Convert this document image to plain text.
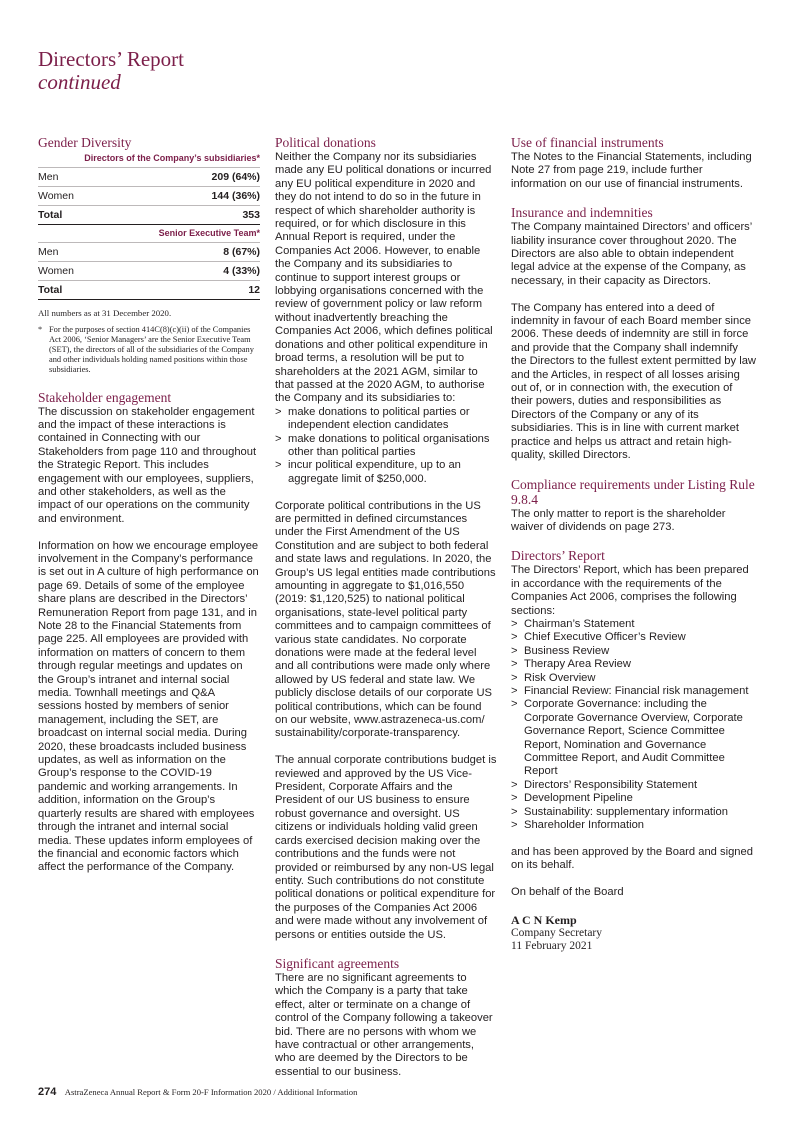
Directors’ Report
continued
Gender Diversity
	Directors of the Company’s subsidiaries*
Men	209 (64%)
Women	144 (36%)
Total	353
	Senior Executive Team*
Men	8 (67%)
Women	4 (33%)
Total	12
All numbers as at 31 December 2020.
* For the purposes of section 414C(8)(c)(ii) of the Companies Act 2006, ‘Senior Managers’ are the Senior Executive Team (SET), the directors of all of the subsidiaries of the Company and other individuals holding named positions within those subsidiaries.
Stakeholder engagement

The discussion on stakeholder engagement and the impact of these interactions is contained in Connecting with our Stakeholders from page 110 and throughout the Strategic Report. This includes engagement with our employees, suppliers, and other stakeholders, as well as the impact of our operations on the community and environment.

Information on how we encourage employee involvement in the Company’s performance is set out in A culture of high performance on page 69. Details of some of the employee share plans are described in the Directors’ Remuneration Report from page 131, and in Note 28 to the Financial Statements from page 225. All employees are provided with information on matters of concern to them through regular meetings and updates on the Group’s intranet and internal social media. Townhall meetings and Q&A sessions hosted by members of senior management, including the SET, are broadcast on internal social media. During 2020, these broadcasts included business updates, as well as information on the Group’s response to the COVID-19 pandemic and working arrangements. In addition, information on the Group’s quarterly results are shared with employees through the intranet and internal social media. These updates inform employees of the financial and economic factors which affect the performance of the Company.

Political donations

Neither the Company nor its subsidiaries made any EU political donations or incurred any EU political expenditure in 2020 and they do not intend to do so in the future in respect of which shareholder authority is required, or for which disclosure in this Annual Report is required, under the Companies Act 2006. However, to enable the Company and its subsidiaries to continue to support interest groups or lobbying organisations concerned with the review of government policy or law reform without inadvertently breaching the Companies Act 2006, which defines political donations and other political expenditure in broad terms, a resolution will be put to shareholders at the 2021 AGM, similar to that passed at the 2020 AGM, to authorise the Company and its subsidiaries to:

> make donations to political parties or independent election candidates
> make donations to political organisations other than political parties
> incur political expenditure, up to an aggregate limit of $250,000.

Corporate political contributions in the US are permitted in defined circumstances under the First Amendment of the US Constitution and are subject to both federal and state laws and regulations. In 2020, the Group’s US legal entities made contributions amounting in aggregate to $1,016,550 (2019: $1,120,525) to national political organisations, state-level political party committees and to campaign committees of various state candidates. No corporate donations were made at the federal level and all contributions were made only where allowed by US federal and state law. We publicly disclose details of our corporate US political contributions, which can be found on our website, www.astrazeneca-us.com/ sustainability/corporate-transparency.

The annual corporate contributions budget is reviewed and approved by the US Vice-President, Corporate Affairs and the President of our US business to ensure robust governance and oversight. US citizens or individuals holding valid green cards exercised decision making over the contributions and the funds were not provided or reimbursed by any non-US legal entity. Such contributions do not constitute political donations or political expenditure for the purposes of the Companies Act 2006 and were made without any involvement of persons or entities outside the US.

Significant agreements

There are no significant agreements to which the Company is a party that take effect, alter or terminate on a change of control of the Company following a takeover bid. There are no persons with whom we have contractual or other arrangements, who are deemed by the Directors to be essential to our business.

Use of financial instruments

The Notes to the Financial Statements, including Note 27 from page 219, include further information on our use of financial instruments.

Insurance and indemnities

The Company maintained Directors’ and officers’ liability insurance cover throughout 2020. The Directors are also able to obtain independent legal advice at the expense of the Company, as necessary, in their capacity as Directors.

The Company has entered into a deed of indemnity in favour of each Board member since 2006. These deeds of indemnity are still in force and provide that the Company shall indemnify the Directors to the fullest extent permitted by law and the Articles, in respect of all losses arising out of, or in connection with, the execution of their powers, duties and responsibilities as Directors of the Company or any of its subsidiaries. This is in line with current market practice and helps us attract and retain high-quality, skilled Directors.

Compliance requirements under Listing Rule 9.8.4

The only matter to report is the shareholder waiver of dividends on page 273.

Directors’ Report

The Directors’ Report, which has been prepared in accordance with the requirements of the Companies Act 2006, comprises the following sections:

> Chairman’s Statement
> Chief Executive Officer’s Review
> Business Review
> Therapy Area Review
> Risk Overview
> Financial Review: Financial risk management
> Corporate Governance: including the Corporate Governance Overview, Corporate Governance Report, Science Committee Report, Nomination and Governance Committee Report, and Audit Committee Report
> Directors’ Responsibility Statement
> Development Pipeline
> Sustainability: supplementary information
> Shareholder Information

and has been approved by the Board and signed on its behalf.

On behalf of the Board

A C N Kemp
Company Secretary
11 February 2021
274 AstraZeneca Annual Report & Form 20-F Information 2020 / Additional Information
